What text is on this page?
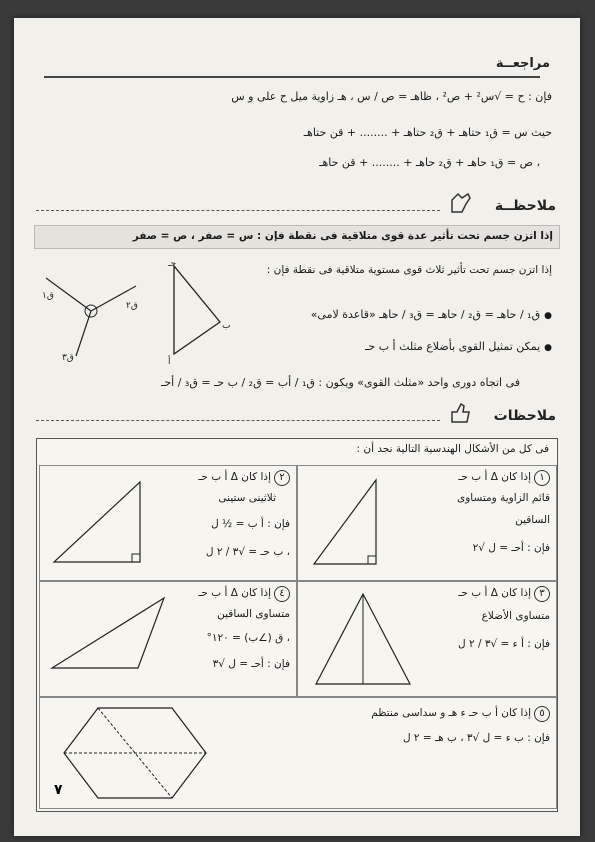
مراجعــة
فإن : ح = √س² + ص² ، ظاهـ = ص / س ، هـ زاوية ميل ح على و س
حيث س = ق₁ حتاهـ + ق₂ حتاهـ + ........ + قن حتاهـ
، ص = ق₁ حاهـ + ق₂ حاهـ + ........ + قن حاهـ
ملاحظــة
إذا اتزن جسم تحت تأثير عدة قوى متلاقية فى نقطة فإن : س = صفر ، ص = صفر
إذا اتزن جسم تحت تأثير ثلاث قوى مستوية متلاقية فى نقطة فإن :
● ق₁ / حاهـ = ق₂ / حاهـ = ق₃ / حاهـ «قاعدة لامى»
● يمكن تمثيل القوى بأضلاع مثلث أ ب حـ
فى اتجاه دورى واحد «مثلث القوى» ويكون : ق₁ / أب = ق₂ / ب حـ = ق₃ / أحـ
ق١
ق٢
ق٣
حـ
أ
ب
ملاحظات
فى كل من الأشكال الهندسية التالية نجد أن :
١إذا كان Δ أ ب حـ
قائم الزاوية ومتساوى
الساقين
فإن : أحـ = ل √٢
٢إذا كان Δ أ ب حـ
ثلاثينى ستينى
فإن : أ ب = ½ ل
، ب حـ = √٣ / ٢ ل
٣إذا كان Δ أ ب حـ
متساوى الأضلاع
فإن : أ ء = √٣ / ٢ ل
٤إذا كان Δ أ ب حـ
متساوى الساقين
، ق (∠ب) = ١٢٠°
فإن : أحـ = ل √٣
٥إذا كان أ ب حـ ء هـ و سداسى منتظم
فإن : ب ء = ل √٣ ، ب هـ = ٢ ل
٧
